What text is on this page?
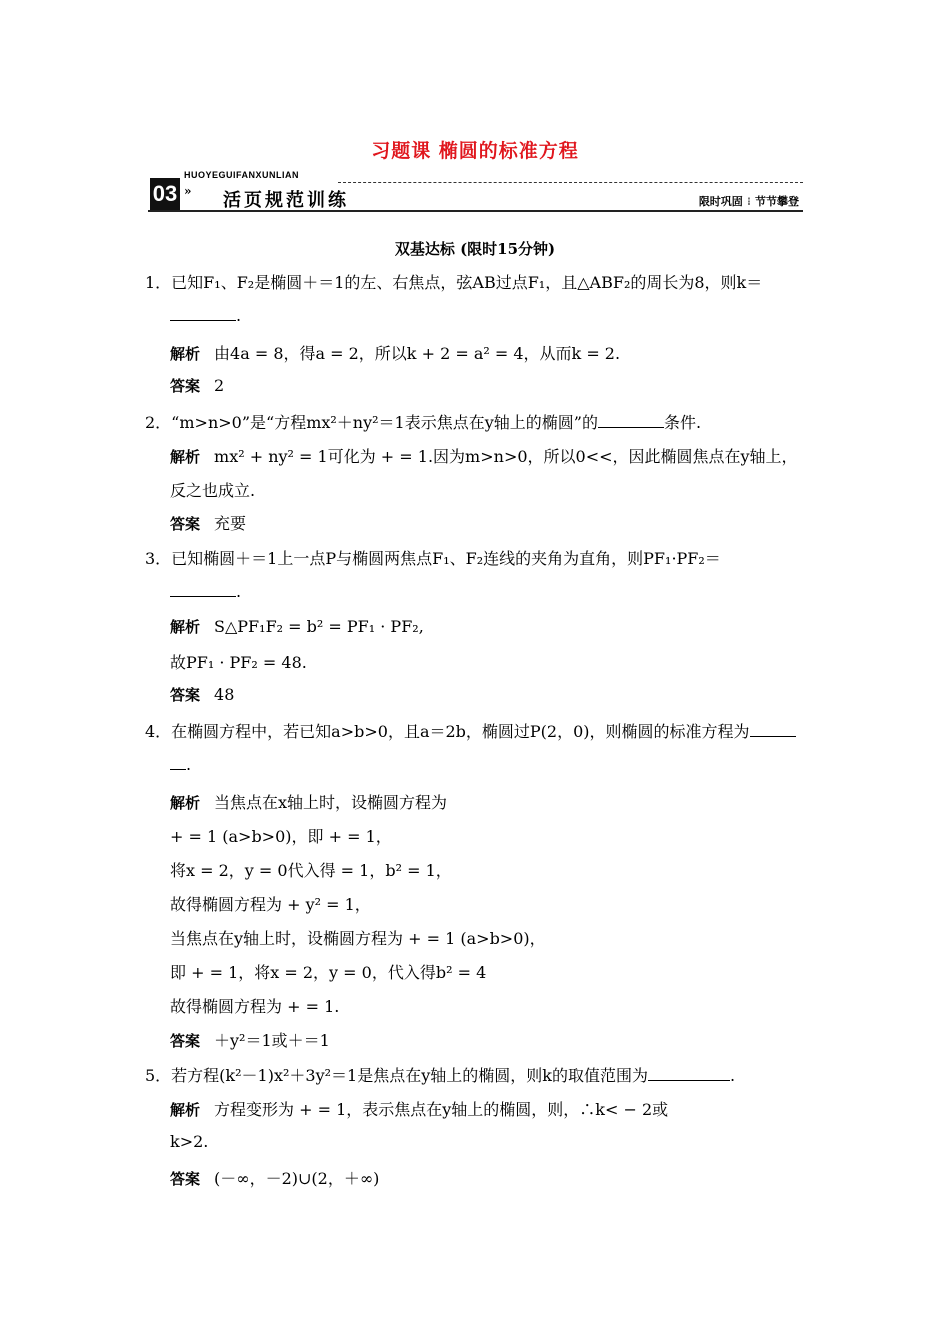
习题课 椭圆的标准方程
HUOYEGUIFANXUNLIAN
03 » 活页规范训练	限时巩固 ⁝ 节节攀登
双基达标 (限时15分钟)
1．已知F₁、F₂是椭圆＋＝1的左、右焦点，弦AB过点F₁，且△ABF₂的周长为8，则k＝
.
解析 由4a = 8，得a = 2，所以k + 2 = a² = 4，从而k = 2.
答案 2
2．“m>n>0”是“方程mx²＋ny²＝1表示焦点在y轴上的椭圆”的	条件.
解析 mx² + ny² = 1可化为 + = 1.因为m>n>0，所以0<<，因此椭圆焦点在y轴上，
反之也成立.
答案 充要
3．已知椭圆＋＝1上一点P与椭圆两焦点F₁、F₂连线的夹角为直角，则PF₁·PF₂＝
.
解析 S△PF₁F₂ = b² = PF₁ · PF₂,
故PF₁ · PF₂ = 48.
答案 48
4．在椭圆方程中，若已知a>b>0，且a＝2b，椭圆过P(2，0)，则椭圆的标准方程为
.
解析 当焦点在x轴上时，设椭圆方程为
+ = 1 (a>b>0)，即 + = 1，
将x = 2，y = 0代入得 = 1，b² = 1，
故得椭圆方程为 + y² = 1，
当焦点在y轴上时，设椭圆方程为 + = 1 (a>b>0)，
即 + = 1，将x = 2，y = 0，代入得b² = 4
故得椭圆方程为 + = 1.
答案 ＋y²＝1或＋＝1
5．若方程(k²－1)x²＋3y²＝1是焦点在y轴上的椭圆，则k的取值范围为	.
解析 方程变形为 + = 1，表示焦点在y轴上的椭圆，则，∴k< − 2或
k>2.
答案 (－∞，－2)∪(2，＋∞)
